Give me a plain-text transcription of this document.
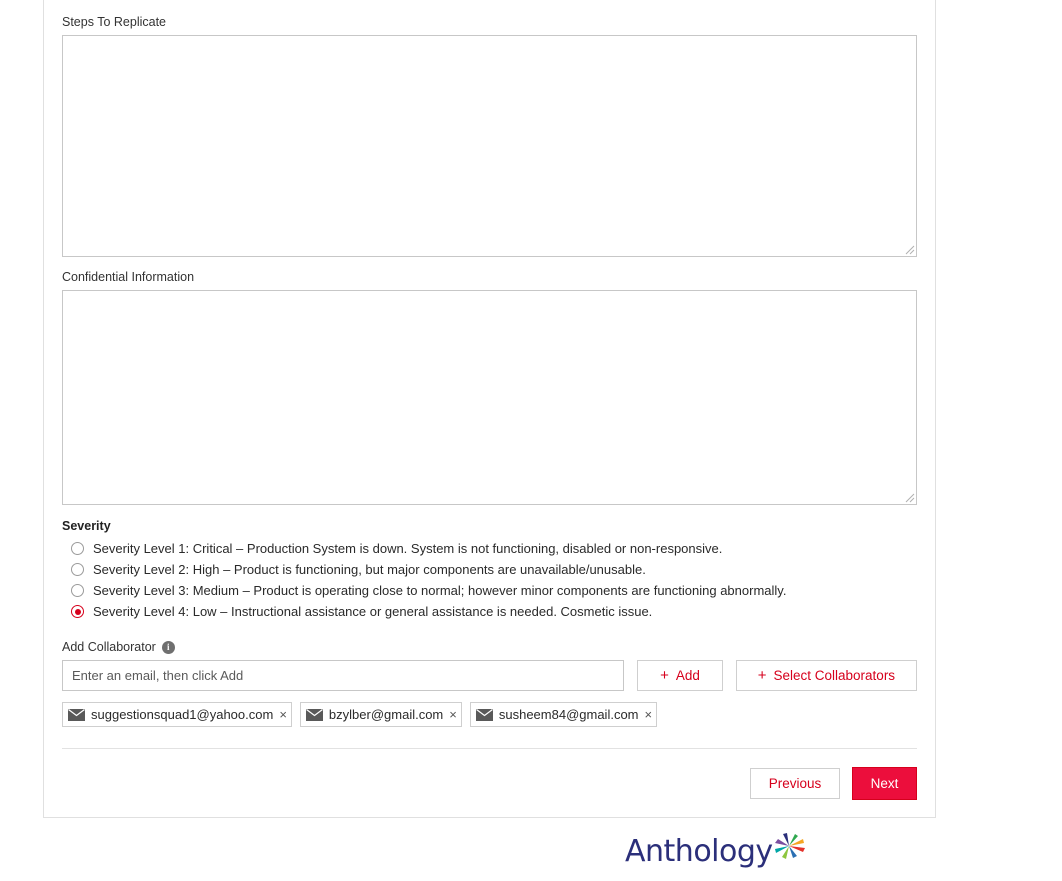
Steps To Replicate
Confidential Information
Severity
Severity Level 1: Critical – Production System is down. System is not functioning, disabled or non-responsive.
Severity Level 2: High – Product is functioning, but major components are unavailable/unusable.
Severity Level 3: Medium – Product is operating close to normal; however minor components are functioning abnormally.
Severity Level 4: Low – Instructional assistance or general assistance is needed. Cosmetic issue.
Add Collaborator	i
Enter an email, then click Add
+ Add	+ Select Collaborators
suggestionsquad1@yahoo.com ×	bzylber@gmail.com ×	susheem84@gmail.com ×
Previous	Next
Anthology
